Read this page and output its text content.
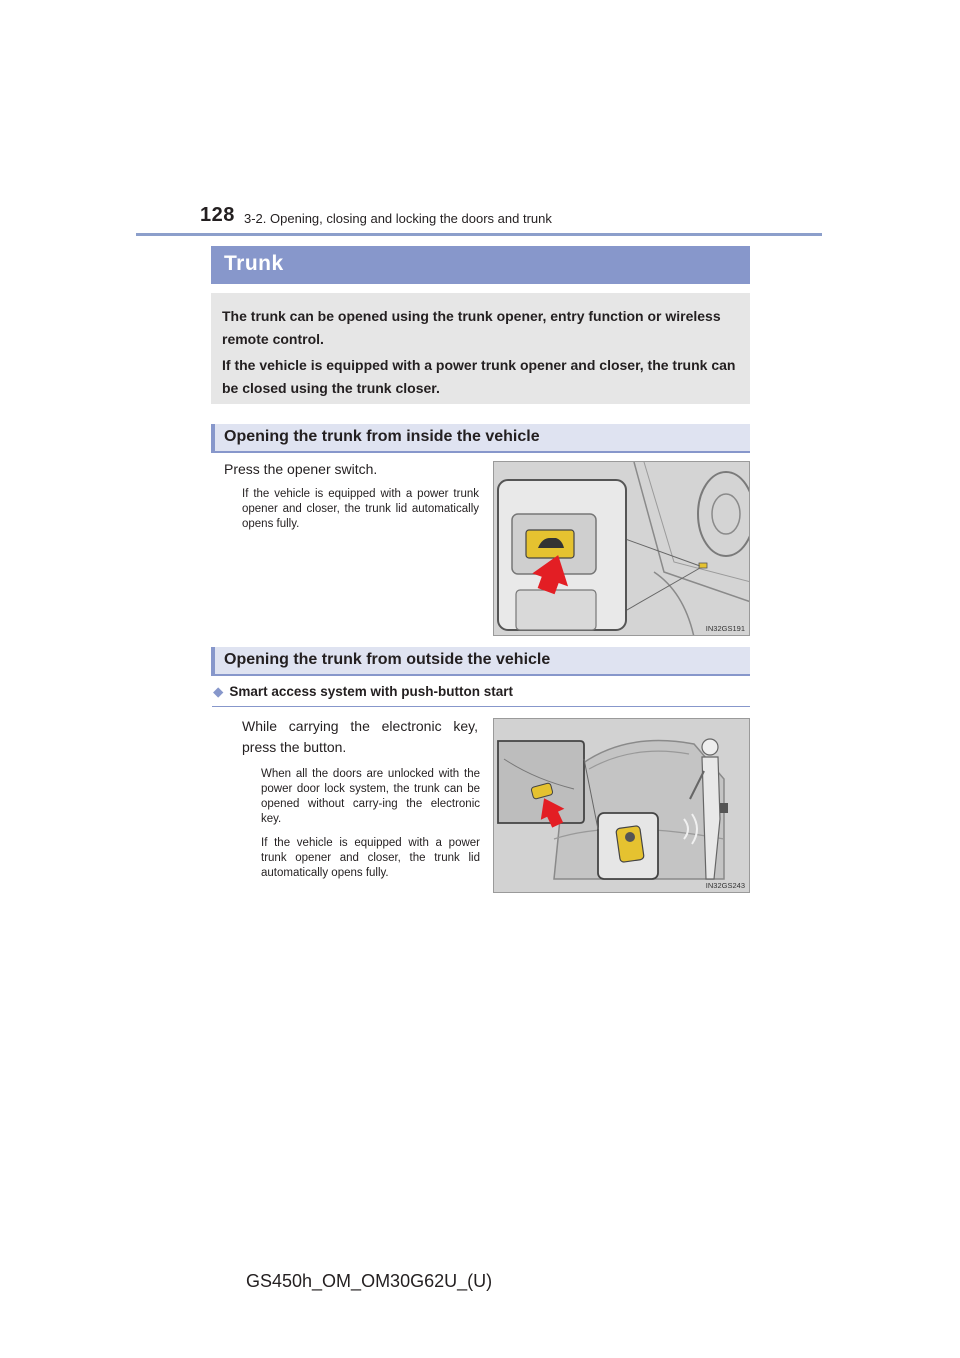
128 3-2. Opening, closing and locking the doors and trunk
Trunk

The trunk can be opened using the trunk opener, entry function or wireless remote control.

If the vehicle is equipped with a power trunk opener and closer, the trunk can be closed using the trunk closer.

Opening the trunk from inside the vehicle
Press the opener switch.
If the vehicle is equipped with a power trunk opener and closer, the trunk lid automatically opens fully.
IN32GS191
Opening the trunk from outside the vehicle
◆ Smart access system with push-button start
While carrying the electronic key, press the button.
When all the doors are unlocked with the power door lock system, the trunk can be opened without carry-ing the electronic key.
If the vehicle is equipped with a power trunk opener and closer, the trunk lid automatically opens fully.
IN32GS243
GS450h_OM_OM30G62U_(U)
